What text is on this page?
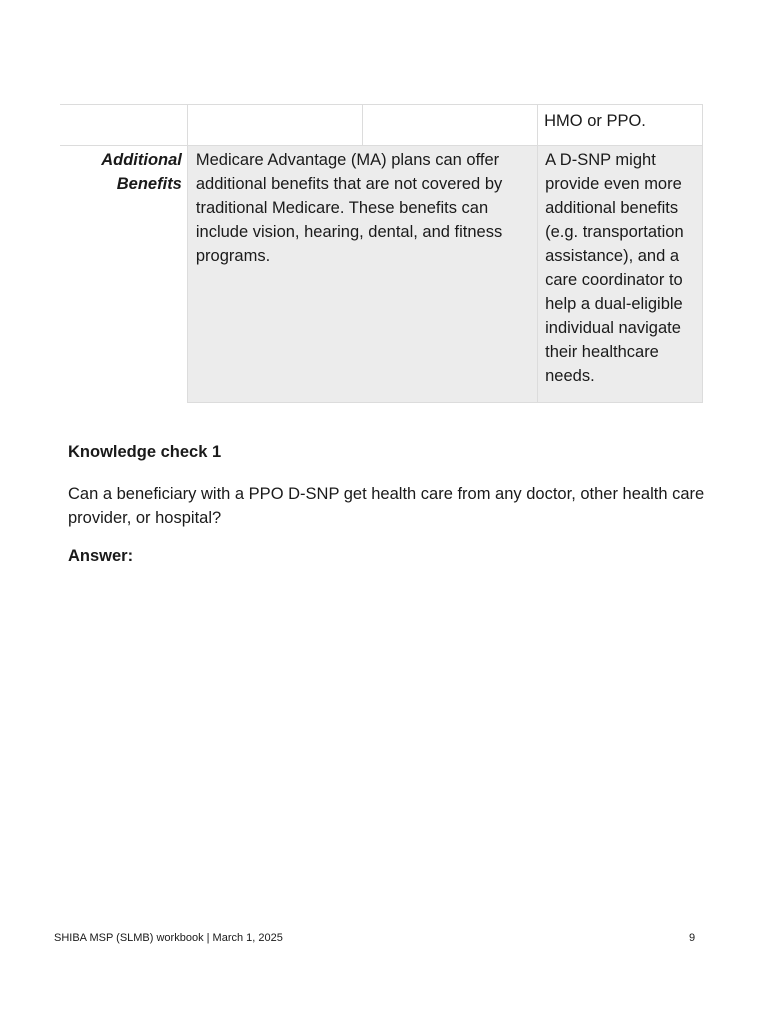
			HMO or PPO.

Additional
Benefits	Medicare Advantage (MA) plans can offer additional benefits that are not covered by traditional Medicare. These benefits can include vision, hearing, dental, and fitness programs.		A D-SNP might provide even more additional benefits (e.g. transportation assistance), and a care coordinator to help a dual-eligible individual navigate their healthcare needs.
Knowledge check 1
Can a beneficiary with a PPO D-SNP get health care from any doctor, other health care provider, or hospital?
Answer:
SHIBA MSP (SLMB) workbook | March 1, 2025	9
